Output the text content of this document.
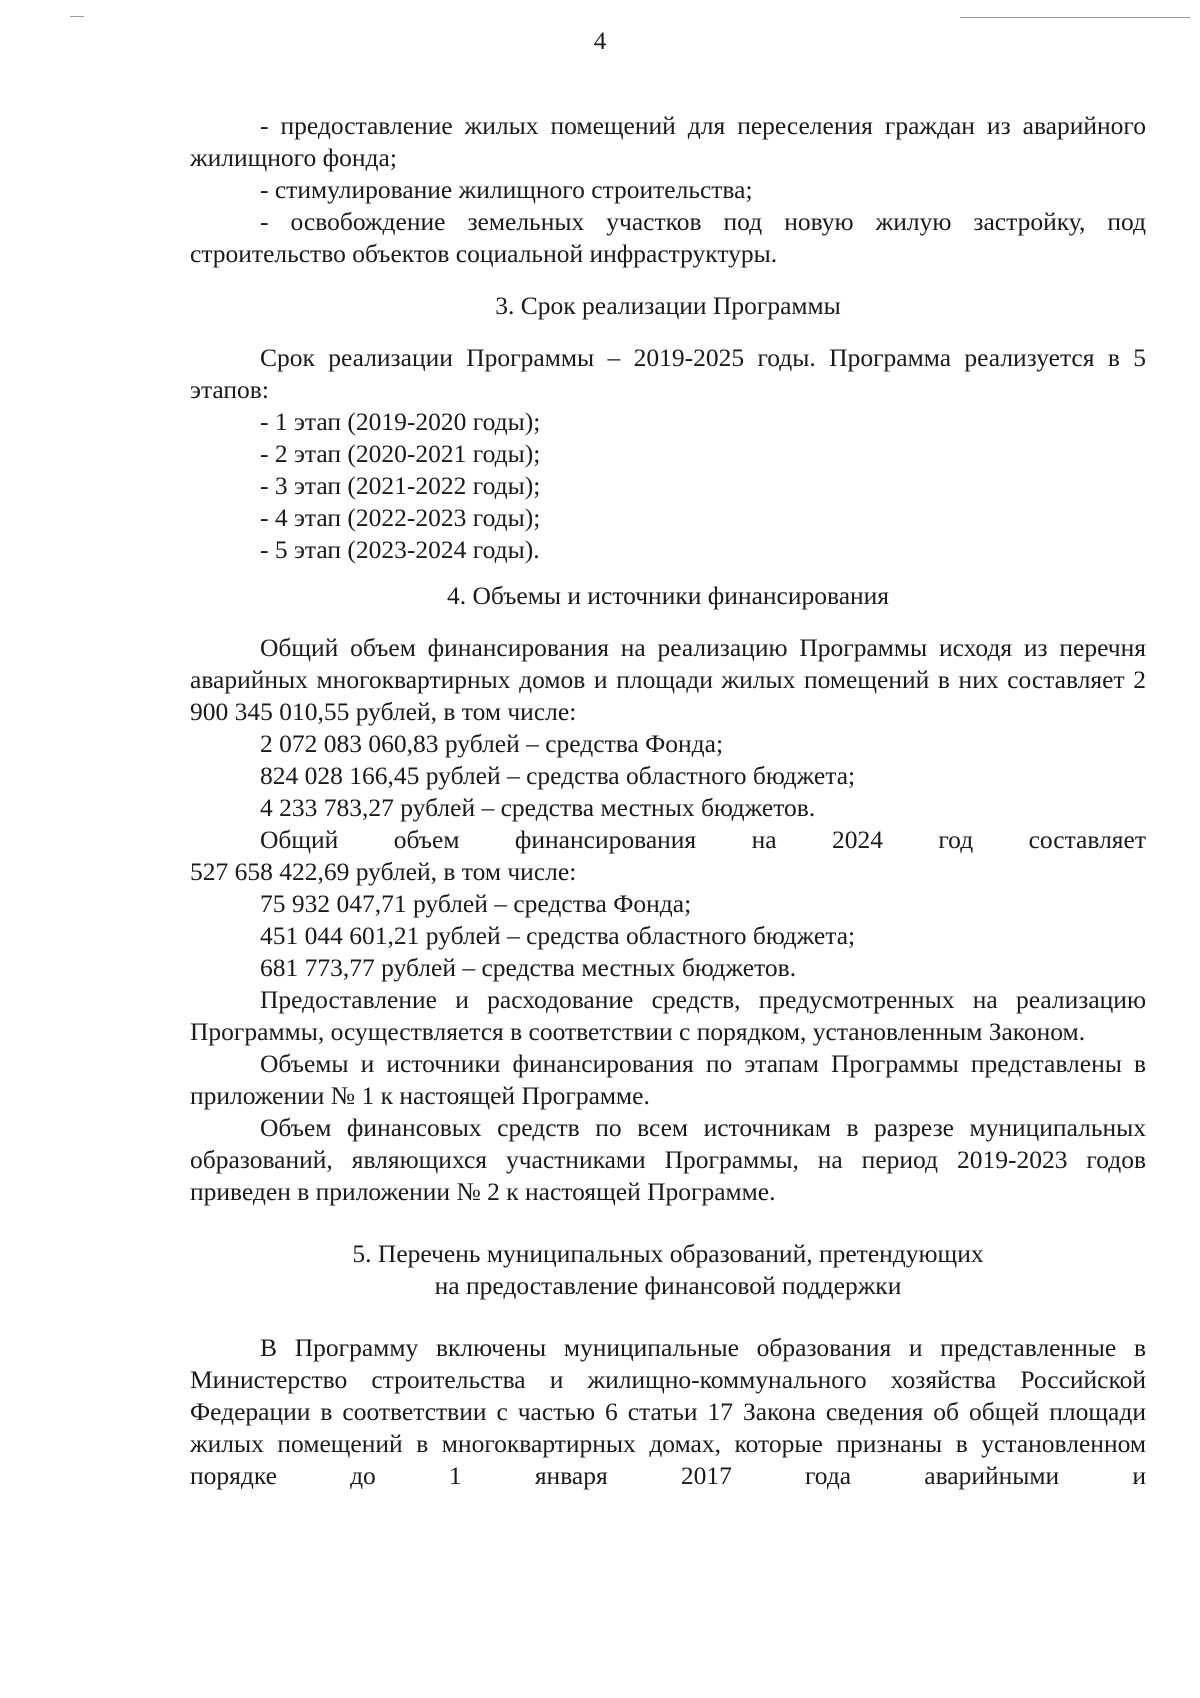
4

- предоставление жилых помещений для переселения граждан из аварийного жилищного фонда;

- стимулирование жилищного строительства;

- освобождение земельных участков под новую жилую застройку, под строительство объектов социальной инфраструктуры.

3. Срок реализации Программы

Срок реализации Программы – 2019-2025 годы. Программа реализуется в 5 этапов:

- 1 этап (2019-2020 годы);

- 2 этап (2020-2021 годы);

- 3 этап (2021-2022 годы);

- 4 этап (2022-2023 годы);

- 5 этап (2023-2024 годы).

4. Объемы и источники финансирования

Общий объем финансирования на реализацию Программы исходя из перечня аварийных многоквартирных домов и площади жилых помещений в них составляет 2 900 345 010,55 рублей, в том числе:

2 072 083 060,83 рублей – средства Фонда;

824 028 166,45 рублей – средства областного бюджета;

4 233 783,27 рублей – средства местных бюджетов.

Общий объем финансирования на 2024 год составляет

527 658 422,69 рублей, в том числе:

75 932 047,71 рублей – средства Фонда;

451 044 601,21 рублей – средства областного бюджета;

681 773,77 рублей – средства местных бюджетов.

Предоставление и расходование средств, предусмотренных на реализацию Программы, осуществляется в соответствии с порядком, установленным Законом.

Объемы и источники финансирования по этапам Программы представлены в приложении № 1 к настоящей Программе.

Объем финансовых средств по всем источникам в разрезе муниципальных образований, являющихся участниками Программы, на период 2019-2023 годов приведен в приложении № 2 к настоящей Программе.

5. Перечень муниципальных образований, претендующих

на предоставление финансовой поддержки

В Программу включены муниципальные образования и представленные в Министерство строительства и жилищно-коммунального хозяйства Российской Федерации в соответствии с частью 6 статьи 17 Закона сведения об общей площади жилых помещений в многоквартирных домах, которые признаны в установленном порядке до 1 января 2017 года аварийными и
